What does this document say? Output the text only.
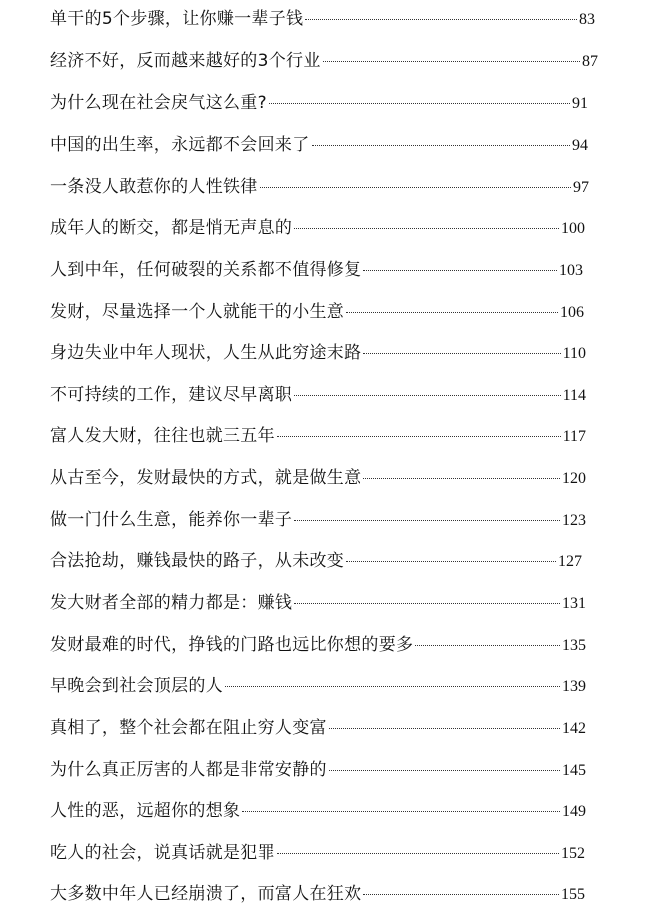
单干的5个步骤，让你赚一辈子钱	83
经济不好，反而越来越好的3个行业	87
为什么现在社会戾气这么重?	91
中国的出生率，永远都不会回来了	94
一条没人敢惹你的人性铁律	97
成年人的断交，都是悄无声息的	100
人到中年，任何破裂的关系都不值得修复	103
发财，尽量选择一个人就能干的小生意	106
身边失业中年人现状，人生从此穷途末路	110
不可持续的工作，建议尽早离职	114
富人发大财，往往也就三五年	117
从古至今，发财最快的方式，就是做生意	120
做一门什么生意，能养你一辈子	123
合法抢劫，赚钱最快的路子，从未改变	127
发大财者全部的精力都是：赚钱	131
发财最难的时代，挣钱的门路也远比你想的要多	135
早晚会到社会顶层的人	139
真相了，整个社会都在阻止穷人变富	142
为什么真正厉害的人都是非常安静的	145
人性的恶，远超你的想象	149
吃人的社会，说真话就是犯罪	152
大多数中年人已经崩溃了，而富人在狂欢	155
